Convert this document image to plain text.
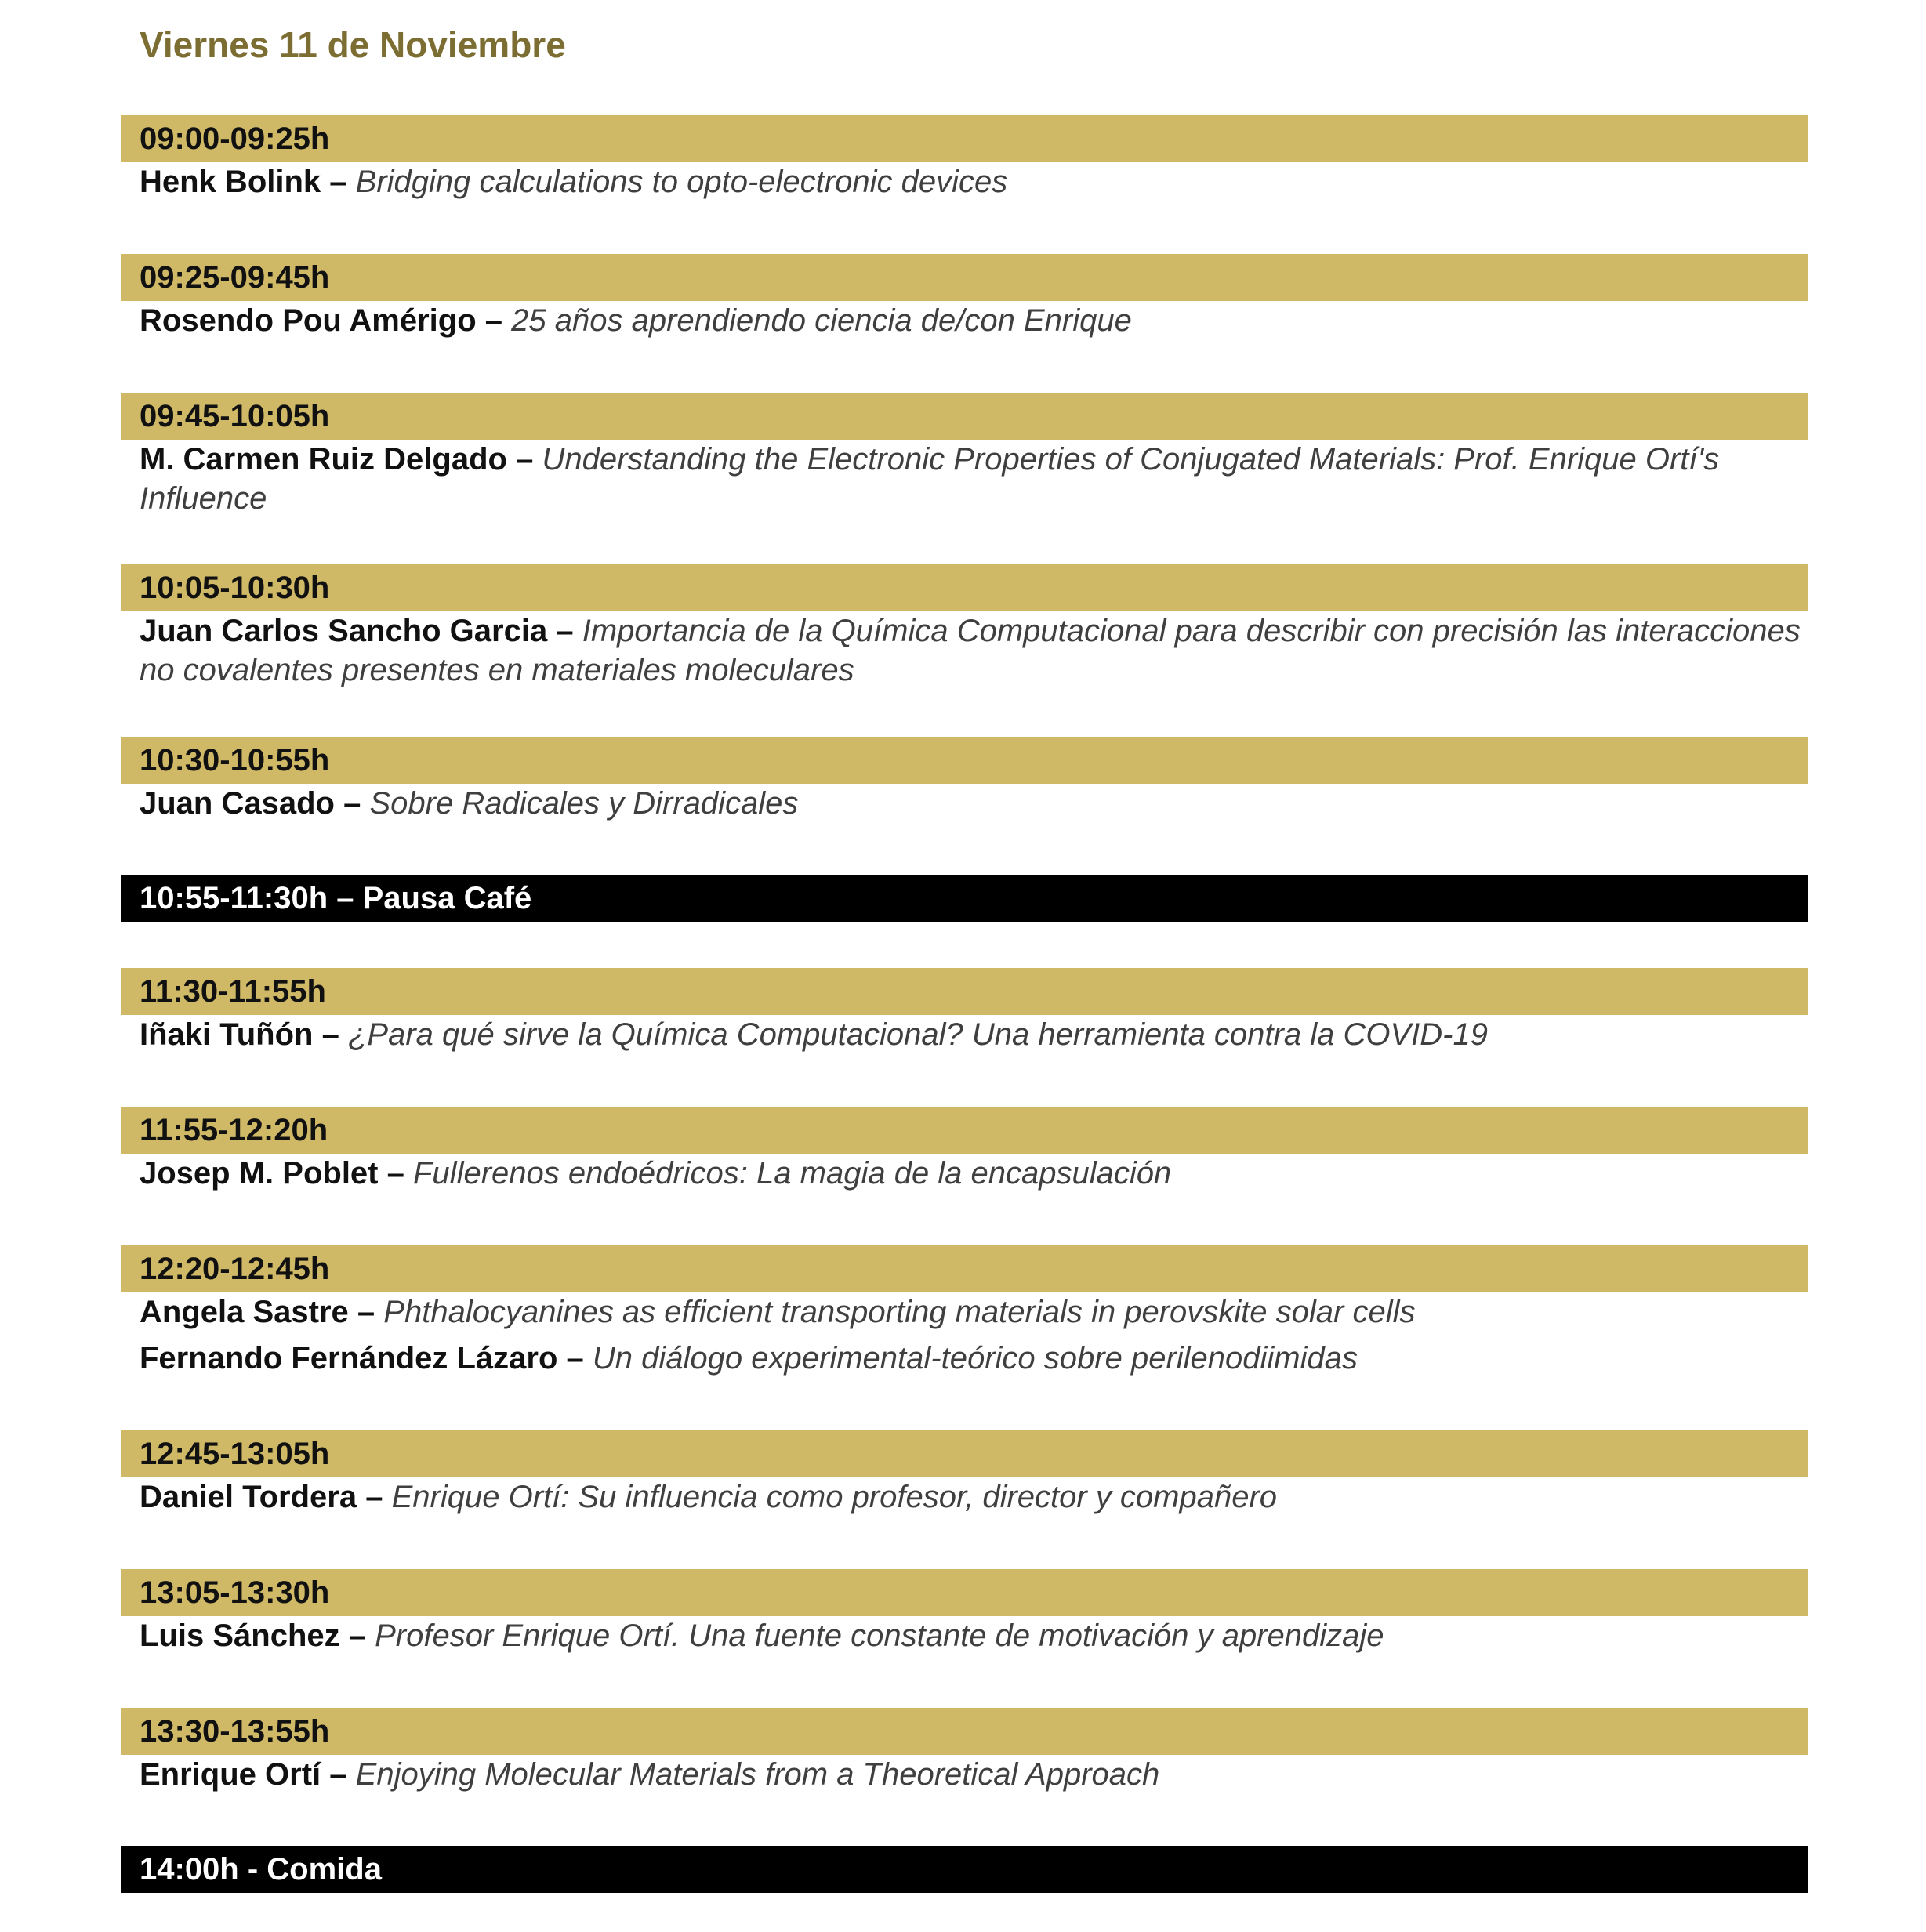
Viernes 11 de Noviembre
09:00-09:25h
Henk Bolink – Bridging calculations to opto-electronic devices
09:25-09:45h
Rosendo Pou Amérigo – 25 años aprendiendo ciencia de/con Enrique
09:45-10:05h
M. Carmen Ruiz Delgado – Understanding the Electronic Properties of Conjugated Materials: Prof. Enrique Ortí's Influence
10:05-10:30h
Juan Carlos Sancho Garcia – Importancia de la Química Computacional para describir con precisión las interacciones no covalentes presentes en materiales moleculares
10:30-10:55h
Juan Casado – Sobre Radicales y Dirradicales
10:55-11:30h – Pausa Café
11:30-11:55h
Iñaki Tuñón – ¿Para qué sirve la Química Computacional? Una herramienta contra la COVID-19
11:55-12:20h
Josep M. Poblet – Fullerenos endoédricos: La magia de la encapsulación
12:20-12:45h
Angela Sastre – Phthalocyanines as efficient transporting materials in perovskite solar cells
Fernando Fernández Lázaro – Un diálogo experimental-teórico sobre perilenodiimidas
12:45-13:05h
Daniel Tordera – Enrique Ortí: Su influencia como profesor, director y compañero
13:05-13:30h
Luis Sánchez – Profesor Enrique Ortí. Una fuente constante de motivación y aprendizaje
13:30-13:55h
Enrique Ortí – Enjoying Molecular Materials from a Theoretical Approach
14:00h - Comida
